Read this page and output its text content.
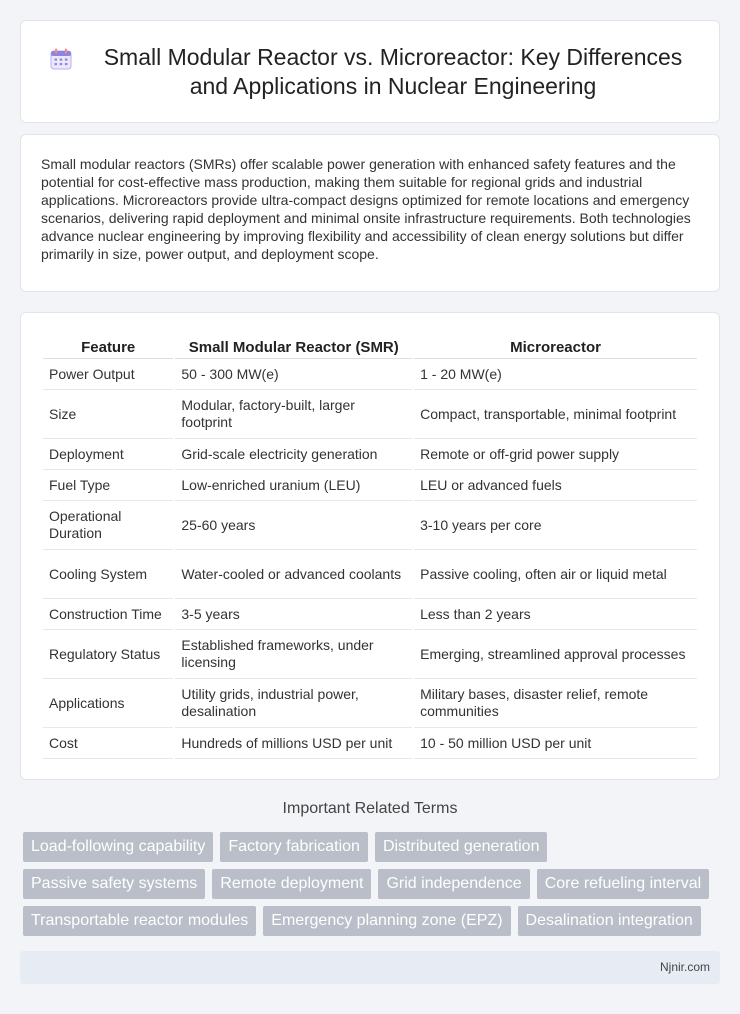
Small Modular Reactor vs. Microreactor: Key Differences and Applications in Nuclear Engineering

Small modular reactors (SMRs) offer scalable power generation with enhanced safety features and the potential for cost-effective mass production, making them suitable for regional grids and industrial applications. Microreactors provide ultra-compact designs optimized for remote locations and emergency scenarios, delivering rapid deployment and minimal onsite infrastructure requirements. Both technologies advance nuclear engineering by improving flexibility and accessibility of clean energy solutions but differ primarily in size, power output, and deployment scope.

Feature	Small Modular Reactor (SMR)	Microreactor
Power Output	50 - 300 MW(e)	1 - 20 MW(e)
Size	Modular, factory-built, larger footprint	Compact, transportable, minimal footprint
Deployment	Grid-scale electricity generation	Remote or off-grid power supply
Fuel Type	Low-enriched uranium (LEU)	LEU or advanced fuels
Operational Duration	25-60 years	3-10 years per core
Cooling System	Water-cooled or advanced coolants	Passive cooling, often air or liquid metal
Construction Time	3-5 years	Less than 2 years
Regulatory Status	Established frameworks, under licensing	Emerging, streamlined approval processes
Applications	Utility grids, industrial power, desalination	Military bases, disaster relief, remote communities
Cost	Hundreds of millions USD per unit	10 - 50 million USD per unit
Important Related Terms
Load-following capability	Factory fabrication	Distributed generation
Passive safety systems	Remote deployment	Grid independence	Core refueling interval
Transportable reactor modules	Emergency planning zone (EPZ)	Desalination integration
Njnir.com
